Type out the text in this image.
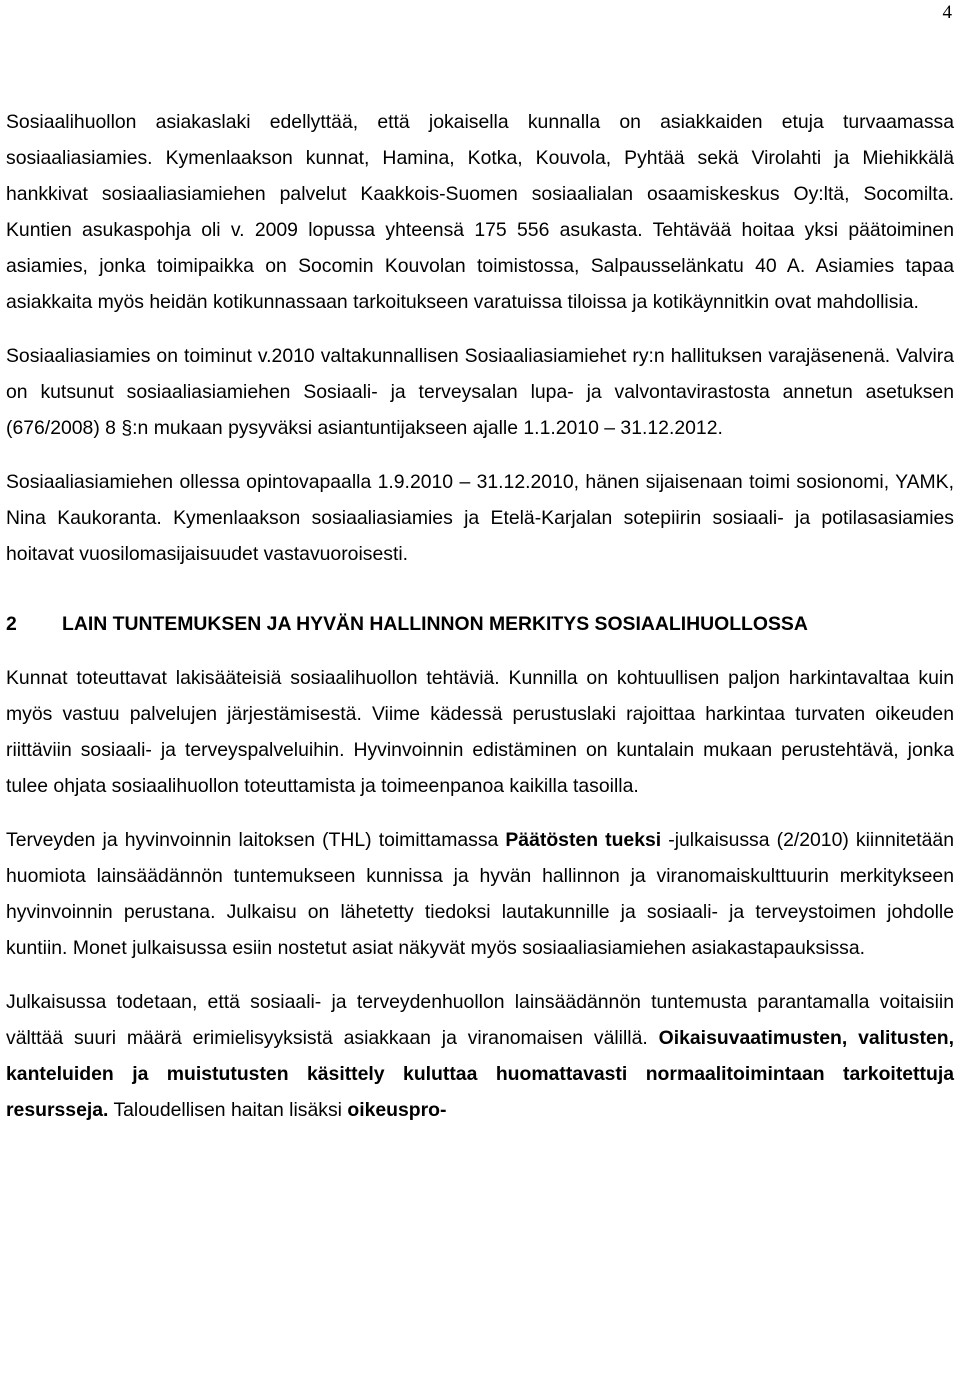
4

Sosiaalihuollon asiakaslaki edellyttää, että jokaisella kunnalla on asiakkaiden etuja turvaamassa sosiaaliasiamies. Kymenlaakson kunnat, Hamina, Kotka, Kouvola, Pyhtää sekä Virolahti ja Miehikkälä hankkivat sosiaaliasiamiehen palvelut Kaakkois-Suomen sosiaalialan osaamiskeskus Oy:ltä, Socomilta. Kuntien asukaspohja oli v. 2009 lopussa yhteensä 175 556 asukasta. Tehtävää hoitaa yksi päätoiminen asiamies, jonka toimipaikka on Socomin Kouvolan toimistossa, Salpausselänkatu 40 A. Asiamies tapaa asiakkaita myös heidän kotikunnassaan tarkoitukseen varatuissa tiloissa ja kotikäynnitkin ovat mahdollisia.

Sosiaaliasiamies on toiminut v.2010 valtakunnallisen Sosiaaliasiamiehet ry:n hallituksen varajäsenenä. Valvira on kutsunut sosiaaliasiamiehen Sosiaali- ja terveysalan lupa- ja valvontavirastosta annetun asetuksen (676/2008) 8 §:n mukaan pysyväksi asiantuntijakseen ajalle 1.1.2010 – 31.12.2012.

Sosiaaliasiamiehen ollessa opintovapaalla 1.9.2010 – 31.12.2010, hänen sijaisenaan toimi sosionomi, YAMK, Nina Kaukoranta. Kymenlaakson sosiaaliasiamies ja Etelä-Karjalan sotepiirin sosiaali- ja potilasasiamies hoitavat vuosilomasijaisuudet vastavuoroisesti.

2	LAIN TUNTEMUKSEN JA HYVÄN HALLINNON MERKITYS SOSIAALIHUOLLOSSA

Kunnat toteuttavat lakisääteisiä sosiaalihuollon tehtäviä. Kunnilla on kohtuullisen paljon harkintavaltaa kuin myös vastuu palvelujen järjestämisestä. Viime kädessä perustuslaki rajoittaa harkintaa turvaten oikeuden riittäviin sosiaali- ja terveyspalveluihin. Hyvinvoinnin edistäminen on kuntalain mukaan perustehtävä, jonka tulee ohjata sosiaalihuollon toteuttamista ja toimeenpanoa kaikilla tasoilla.

Terveyden ja hyvinvoinnin laitoksen (THL) toimittamassa Päätösten tueksi -julkaisussa (2/2010) kiinnitetään huomiota lainsäädännön tuntemukseen kunnissa ja hyvän hallinnon ja viranomaiskulttuurin merkitykseen hyvinvoinnin perustana. Julkaisu on lähetetty tiedoksi lautakunnille ja sosiaali- ja terveystoimen johdolle kuntiin. Monet julkaisussa esiin nostetut asiat näkyvät myös sosiaaliasiamiehen asiakastapauksissa.

Julkaisussa todetaan, että sosiaali- ja terveydenhuollon lainsäädännön tuntemusta parantamalla voitaisiin välttää suuri määrä erimielisyyksistä asiakkaan ja viranomaisen välillä. Oikaisuvaatimusten, valitusten, kanteluiden ja muistutusten käsittely kuluttaa huomattavasti normaalitoimintaan tarkoitettuja resursseja. Taloudellisen haitan lisäksi oikeuspro-
